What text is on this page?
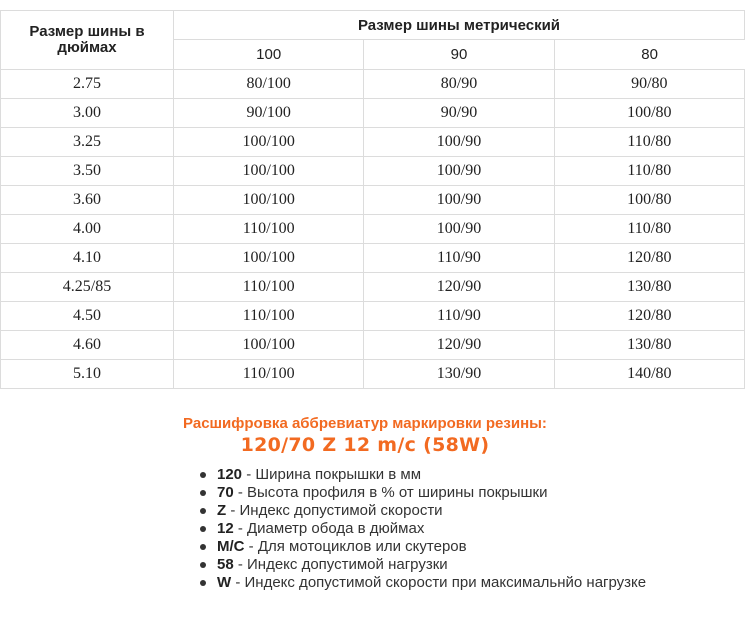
Размер шины в дюймах	Размер шины метрический		
	100	90	80
2.75	80/100	80/90	90/80
3.00	90/100	90/90	100/80
3.25	100/100	100/90	110/80
3.50	100/100	100/90	110/80
3.60	100/100	100/90	100/80
4.00	110/100	100/90	110/80
4.10	100/100	110/90	120/80
4.25/85	110/100	120/90	130/80
4.50	110/100	110/90	120/80
4.60	100/100	120/90	130/80
5.10	110/100	130/90	140/80
Расшифровка аббревиатур маркировки резины:
120/70 Z 12 m/c (58W)
120 - Ширина покрышки в мм
70 - Высота профиля в % от ширины покрышки
Z - Индекс допустимой скорости
12 - Диаметр обода в дюймах
M/C - Для мотоциклов или скутеров
58 - Индекс допустимой нагрузки
W - Индекс допустимой скорости при максимальнйо нагрузке
